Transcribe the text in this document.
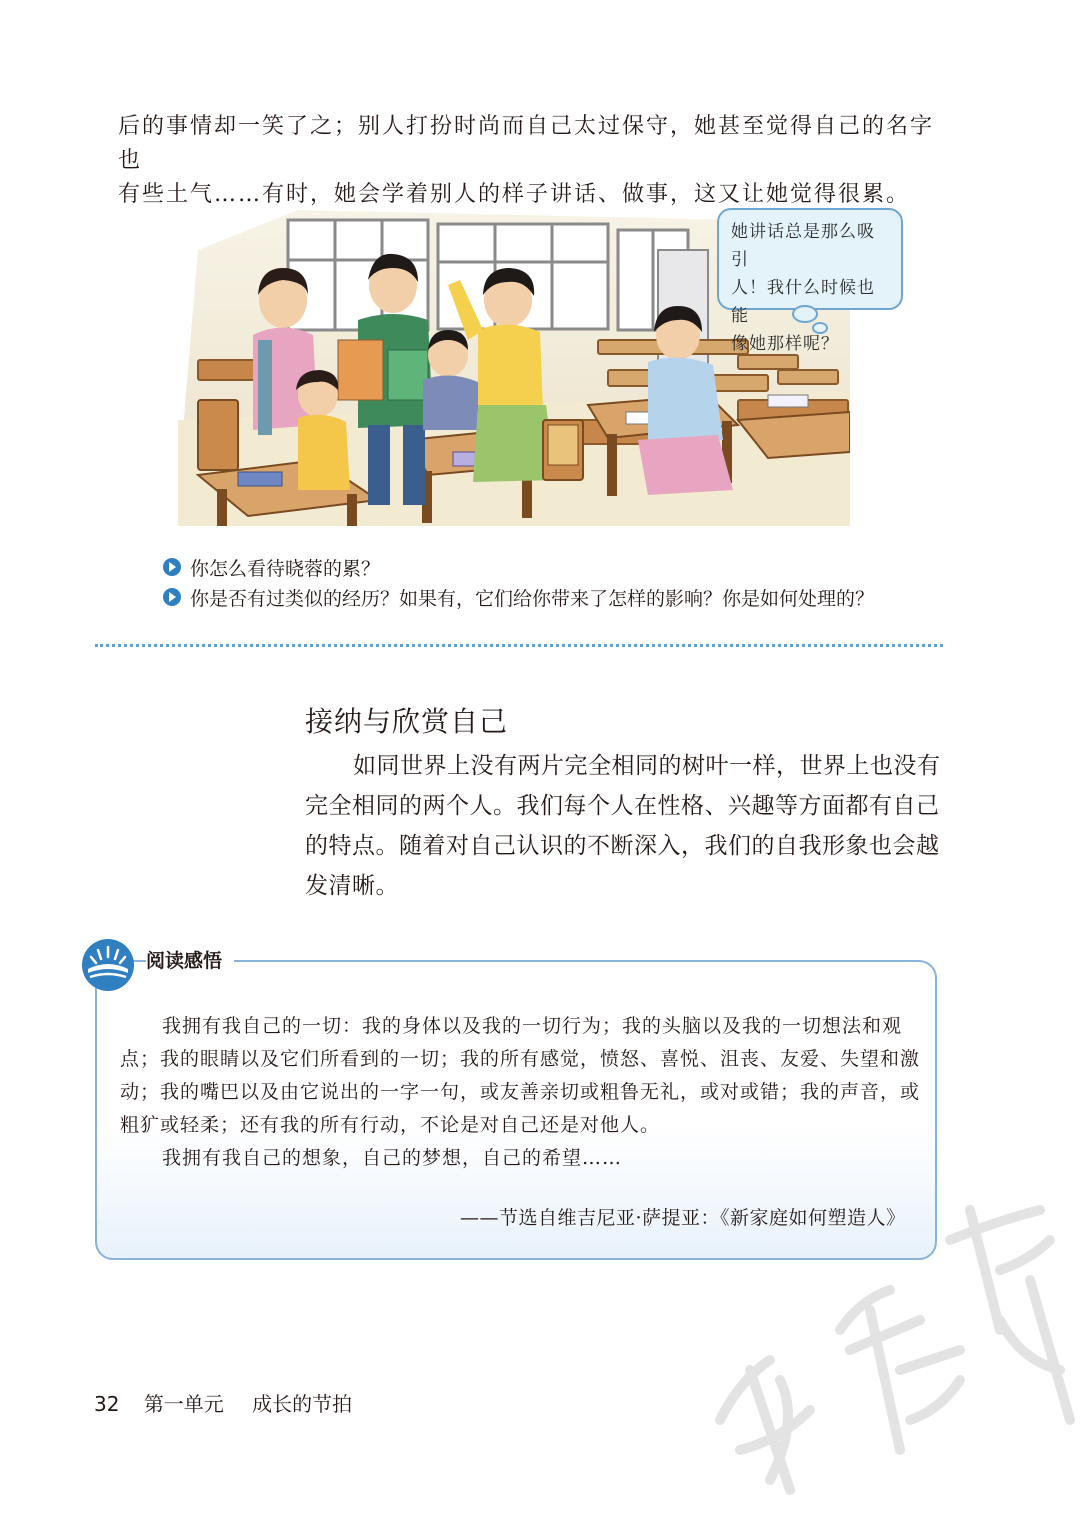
后的事情却一笑了之；别人打扮时尚而自己太过保守，她甚至觉得自己的名字也

有些土气……有时，她会学着别人的样子讲话、做事，这又让她觉得很累。

她讲话总是那么吸引
人！我什么时候也能
像她那样呢？
你怎么看待晓蓉的累？
你是否有过类似的经历？如果有，它们给你带来了怎样的影响？你是如何处理的？
接纳与欣赏自己
如同世界上没有两片完全相同的树叶一样，世界上也没有完全相同的两个人。我们每个人在性格、兴趣等方面都有自己的特点。随着对自己认识的不断深入，我们的自我形象也会越发清晰。
阅读感悟

我拥有我自己的一切：我的身体以及我的一切行为；我的头脑以及我的一切想法和观点；我的眼睛以及它们所看到的一切；我的所有感觉，愤怒、喜悦、沮丧、友爱、失望和激动；我的嘴巴以及由它说出的一字一句，或友善亲切或粗鲁无礼，或对或错；我的声音，或粗犷或轻柔；还有我的所有行动，不论是对自己还是对他人。

我拥有我自己的想象，自己的梦想，自己的希望……

——节选自维吉尼亚·萨提亚：《新家庭如何塑造人》
32 第一单元 成长的节拍
